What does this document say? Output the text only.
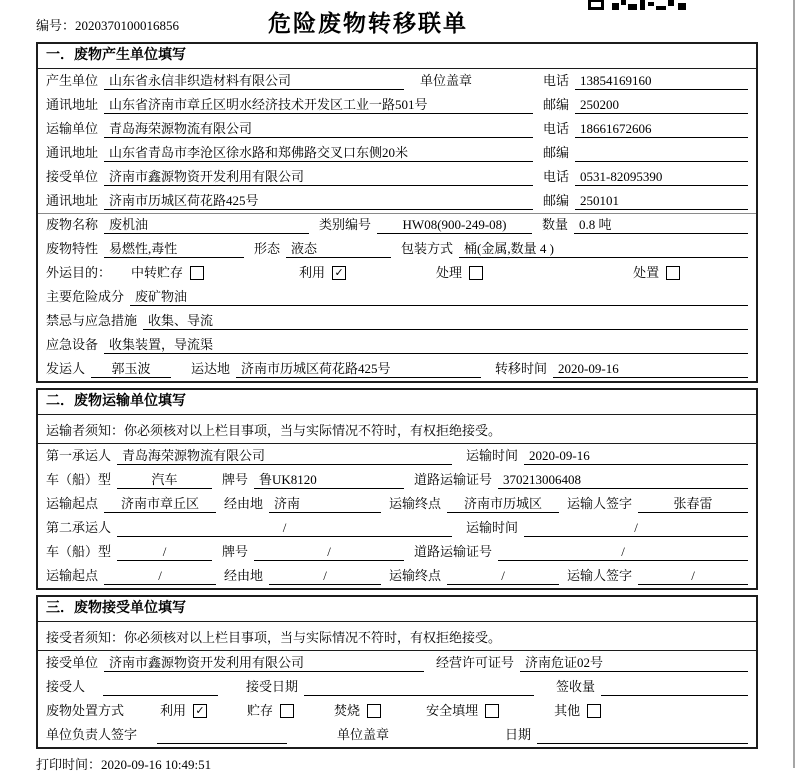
编号：2020370100016856	危险废物转移联单
一．废物产生单位填写
产生单位 山东省永信非织造材料有限公司	单位盖章	电话 13854169160
通讯地址 山东省济南市章丘区明水经济技术开发区工业一路501号	邮编 250200
运输单位 青岛海荣源物流有限公司	电话 18661672606
通讯地址 山东省青岛市李沧区徐水路和郑佛路交叉口东侧20米	邮编
接受单位 济南市鑫源物资开发利用有限公司	电话 0531-82095390
通讯地址 济南市历城区荷花路425号	邮编 250101
废物名称 废机油	类别编号	HW08(900-249-08)	数量 0.8 吨
废物特性 易燃性,毒性	形态 液态	包装方式 桶(金属,数量 4 )
外运目的： 中转贮存	利用 ✓	处理	处置
主要危险成分 废矿物油
禁忌与应急措施 收集、导流
应急设备 收集装置，导流渠
发运人	郭玉波	运达地 济南市历城区荷花路425号	转移时间 2020-09-16
二．废物运输单位填写
运输者须知：你必须核对以上栏目事项，当与实际情况不符时，有权拒绝接受。
第一承运人 青岛海荣源物流有限公司	运输时间 2020-09-16
车（船）型	汽车	牌号 鲁UK8120	道路运输证号 370213006408
运输起点	济南市章丘区	经由地 济南	运输终点	济南市历城区	运输人签字	张春雷
第二承运人	/	运输时间	/
车（船）型	/	牌号	/	道路运输证号	/
运输起点	/	经由地	/	运输终点	/	运输人签字	/
三．废物接受单位填写
接受者须知：你必须核对以上栏目事项，当与实际情况不符时，有权拒绝接受。
接受单位 济南市鑫源物资开发利用有限公司	经营许可证号 济南危证02号
接受人	接受日期	签收量
废物处置方式	利用 ✓	贮存	焚烧	安全填埋	其他
单位负责人签字	单位盖章	日期
打印时间：2020-09-16 10:49:51
